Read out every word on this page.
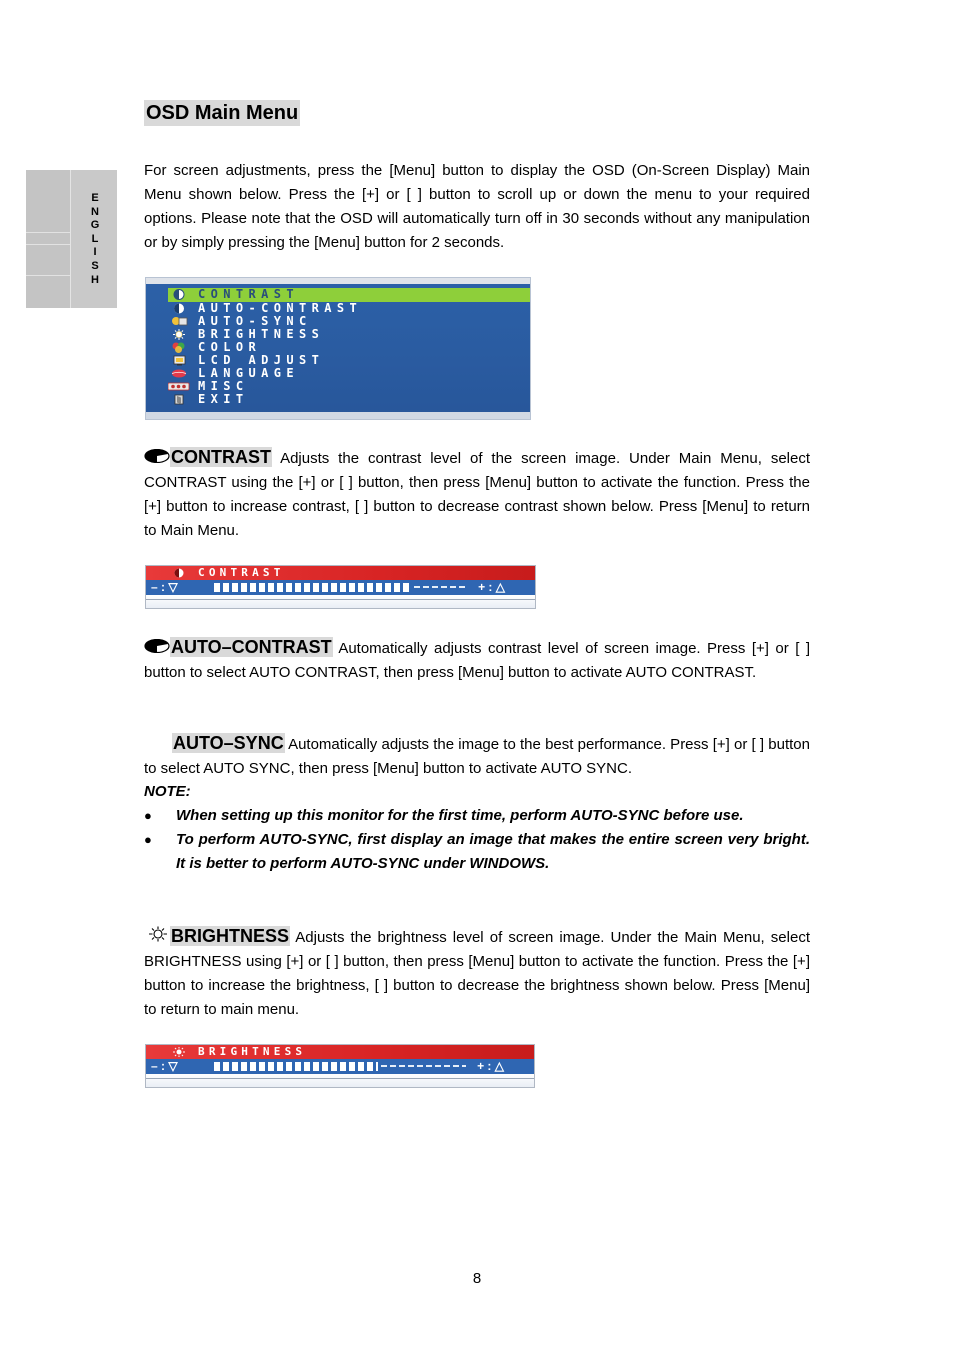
E
N
G
L
I
S
H
OSD Main Menu
For screen adjustments, press the [Menu] button to display the OSD (On-Screen Display) Main Menu shown below. Press the [+] or [ ] button to scroll up or down the menu to your required options. Please note that the OSD will automatically turn off in 30 seconds without any manipulation or by simply pressing the [Menu] button for 2 seconds.
CONTRAST
AUTO-CONTRAST
AUTO-SYNC
BRIGHTNESS
COLOR
LCD ADJUST
LANGUAGE
MISC
EXIT
CONTRAST Adjusts the contrast level of the screen image. Under Main Menu, select CONTRAST using the [+] or [ ] button, then press [Menu] button to activate the function. Press the [+] button to increase contrast, [ ] button to decrease contrast shown below. Press [Menu] to return to Main Menu.
CONTRAST
– : ▽	+ : △
AUTO–CONTRAST Automatically adjusts contrast level of screen image. Press [+] or [ ] button to select AUTO CONTRAST, then press [Menu] button to activate AUTO CONTRAST.
AUTO–SYNC Automatically adjusts the image to the best performance. Press [+] or [ ] button to select AUTO SYNC, then press [Menu] button to activate AUTO SYNC.
NOTE:
● When setting up this monitor for the first time, perform AUTO-SYNC before use.
● To perform AUTO-SYNC, first display an image that makes the entire screen very bright. It is better to perform AUTO-SYNC under WINDOWS.
BRIGHTNESS Adjusts the brightness level of screen image. Under the Main Menu, select BRIGHTNESS using [+] or [ ] button, then press [Menu] button to activate the function. Press the [+] button to increase the brightness, [ ] button to decrease the brightness shown below. Press [Menu] to return to main menu.
BRIGHTNESS
– : ▽	+ : △
8
